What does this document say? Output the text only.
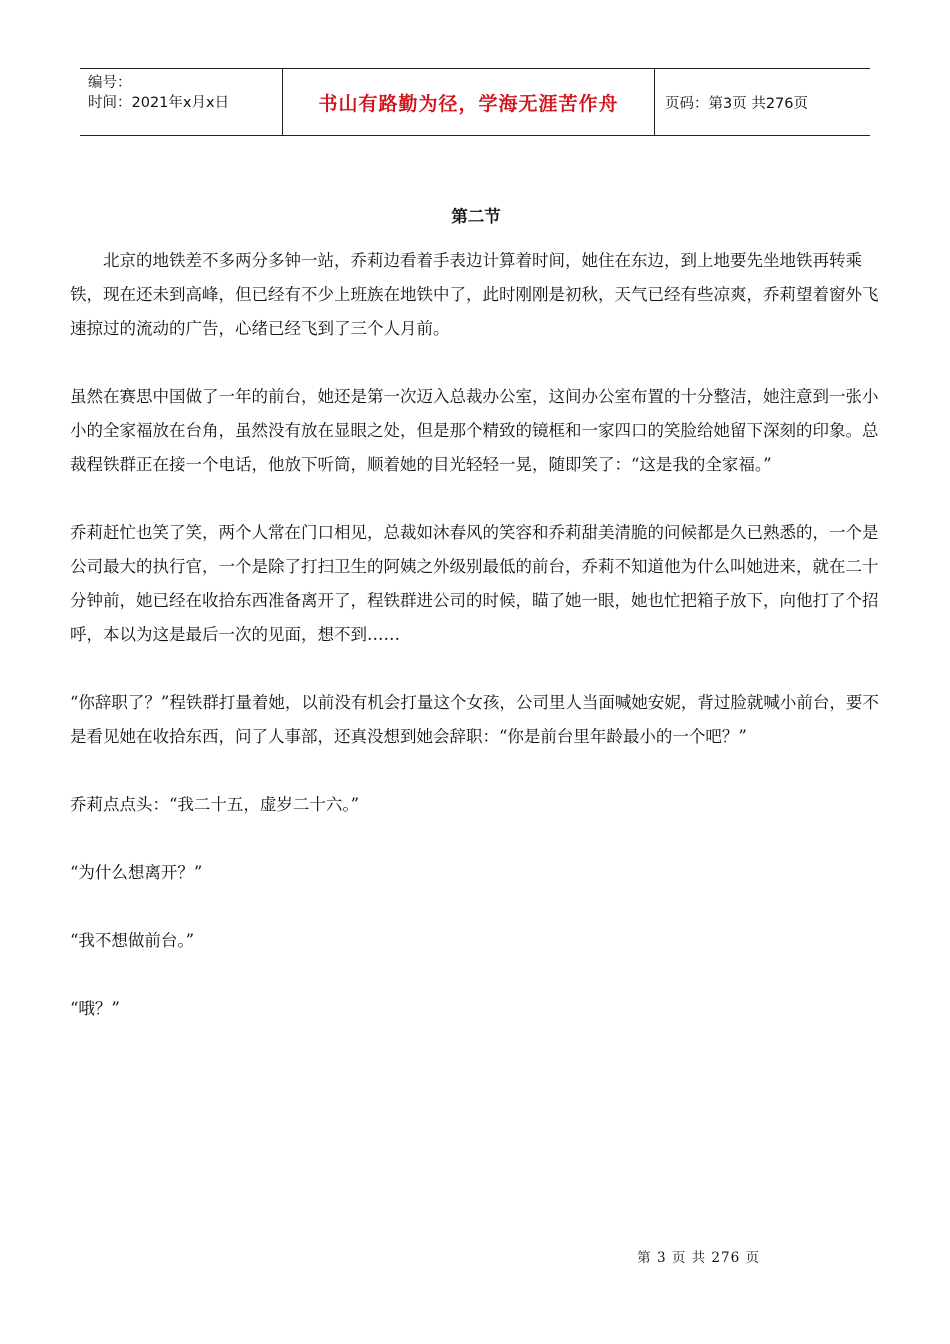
编号：
时间：2021年x月x日	书山有路勤为径，学海无涯苦作舟	页码：第3页 共276页
第二节

北京的地铁差不多两分多钟一站，乔莉边看着手表边计算着时间，她住在东边，到上地要先坐地铁再转乘铁，现在还未到高峰，但已经有不少上班族在地铁中了，此时刚刚是初秋，天气已经有些凉爽，乔莉望着窗外飞速掠过的流动的广告，心绪已经飞到了三个人月前。

虽然在赛思中国做了一年的前台，她还是第一次迈入总裁办公室，这间办公室布置的十分整洁，她注意到一张小小的全家福放在台角，虽然没有放在显眼之处，但是那个精致的镜框和一家四口的笑脸给她留下深刻的印象。总裁程铁群正在接一个电话，他放下听筒，顺着她的目光轻轻一晃，随即笑了：“这是我的全家福。”

乔莉赶忙也笑了笑，两个人常在门口相见，总裁如沐春风的笑容和乔莉甜美清脆的问候都是久已熟悉的，一个是公司最大的执行官，一个是除了打扫卫生的阿姨之外级别最低的前台，乔莉不知道他为什么叫她进来，就在二十分钟前，她已经在收拾东西准备离开了，程铁群进公司的时候，瞄了她一眼，她也忙把箱子放下，向他打了个招呼，本以为这是最后一次的见面，想不到……

“你辞职了？”程铁群打量着她，以前没有机会打量这个女孩，公司里人当面喊她安妮，背过脸就喊小前台，要不是看见她在收拾东西，问了人事部，还真没想到她会辞职：“你是前台里年龄最小的一个吧？”

乔莉点点头：“我二十五，虚岁二十六。”

“为什么想离开？”

“我不想做前台。”

“哦？”

第 3 页 共 276 页
